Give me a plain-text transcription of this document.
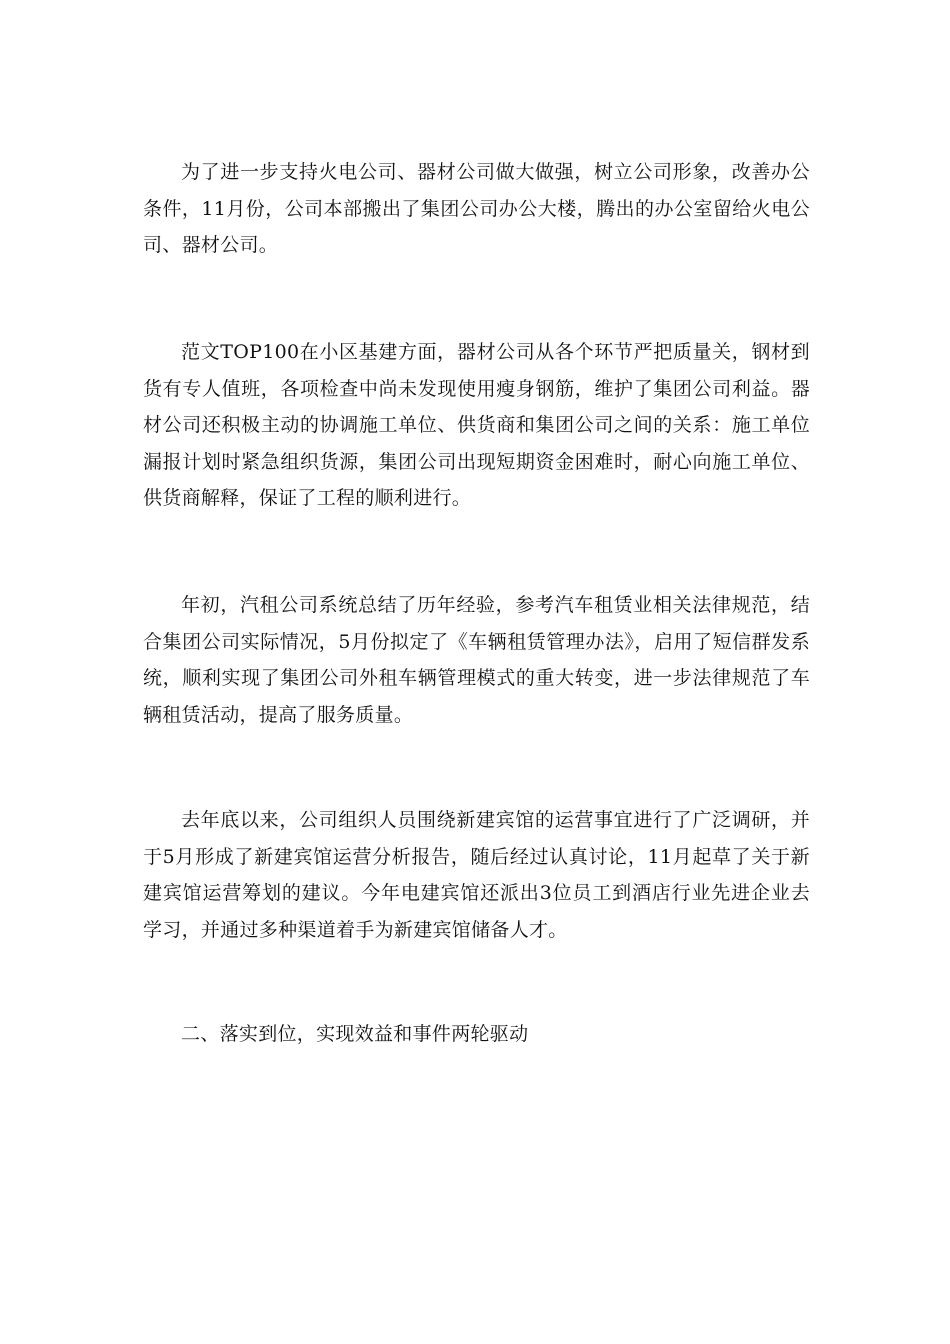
为了进一步支持火电公司、器材公司做大做强，树立公司形象，改善办公条件，11月份，公司本部搬出了集团公司办公大楼，腾出的办公室留给火电公司、器材公司。

范文TOP100在小区基建方面，器材公司从各个环节严把质量关，钢材到货有专人值班，各项检查中尚未发现使用瘦身钢筋，维护了集团公司利益。器材公司还积极主动的协调施工单位、供货商和集团公司之间的关系：施工单位漏报计划时紧急组织货源，集团公司出现短期资金困难时，耐心向施工单位、供货商解释，保证了工程的顺利进行。

年初，汽租公司系统总结了历年经验，参考汽车租赁业相关法律规范，结合集团公司实际情况，5月份拟定了《车辆租赁管理办法》，启用了短信群发系统，顺利实现了集团公司外租车辆管理模式的重大转变，进一步法律规范了车辆租赁活动，提高了服务质量。

去年底以来，公司组织人员围绕新建宾馆的运营事宜进行了广泛调研，并于5月形成了新建宾馆运营分析报告，随后经过认真讨论，11月起草了关于新建宾馆运营筹划的建议。今年电建宾馆还派出3位员工到酒店行业先进企业去学习，并通过多种渠道着手为新建宾馆储备人才。

二、落实到位，实现效益和事件两轮驱动
